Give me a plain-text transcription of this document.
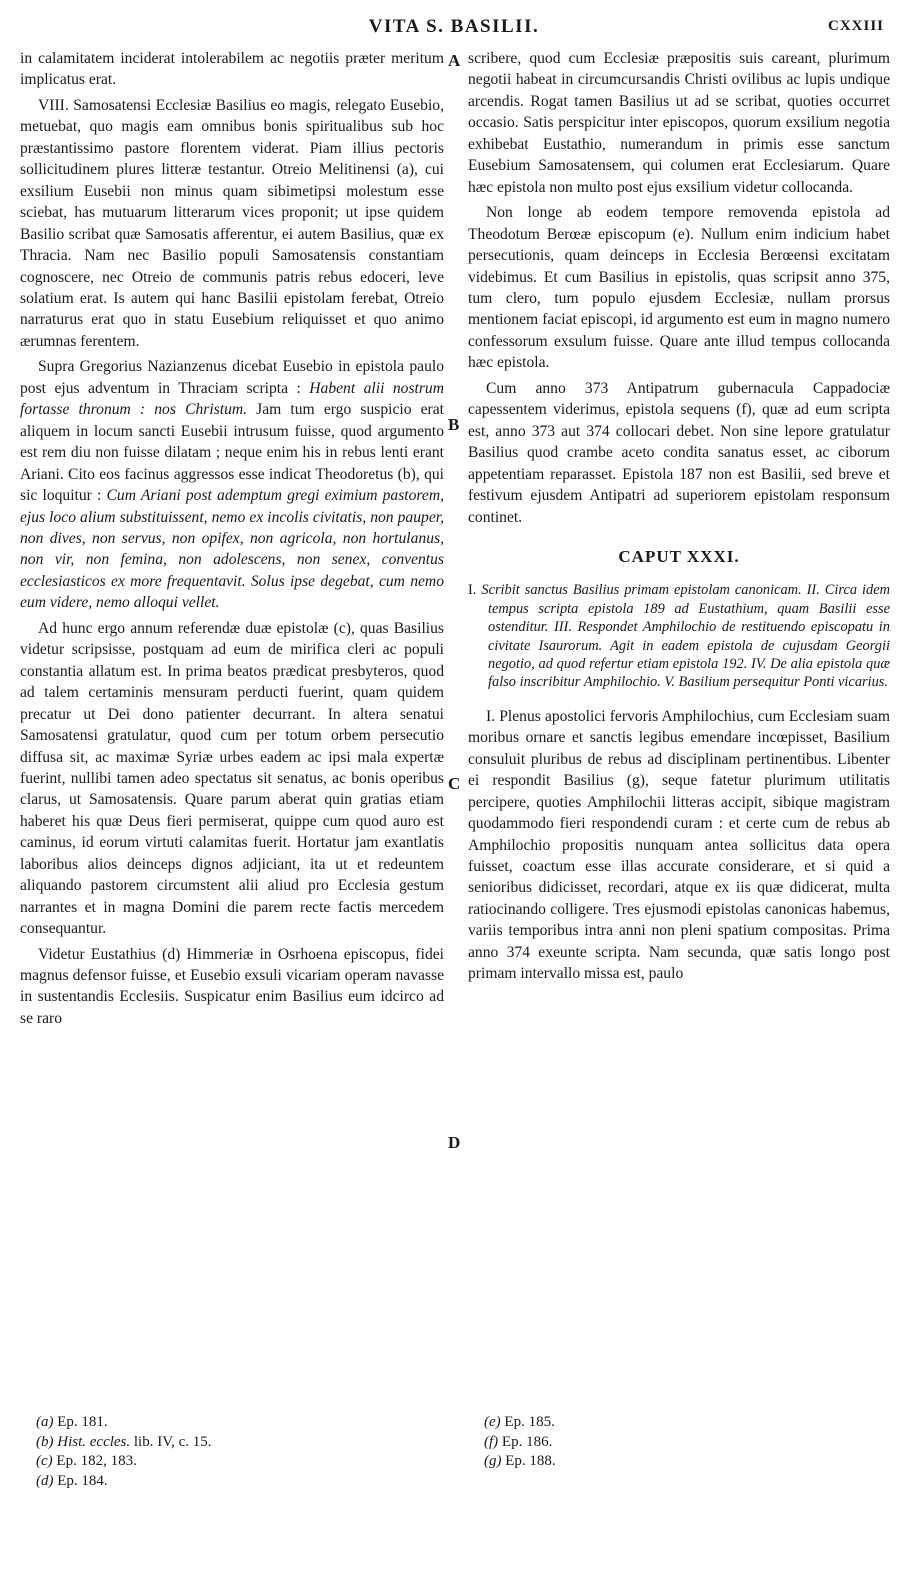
VITA S. BASILII.	CXXIII

in calamitatem inciderat intolerabilem ac negotiis præter meritum implicatus erat.

VIII. Samosatensi Ecclesiæ Basilius eo magis, relegato Eusebio, metuebat, quo magis eam omnibus bonis spiritualibus sub hoc præstantissimo pastore florentem viderat. Piam illius pectoris sollicitudinem plures litteræ testantur. Otreio Melitinensi (a), cui exsilium Eusebii non minus quam sibimetipsi molestum esse sciebat, has mutuarum litterarum vices proponit; ut ipse quidem Basilio scribat quæ Samosatis afferentur, ei autem Basilius, quæ ex Thracia. Nam nec Basilio populi Samosatensis constantiam cognoscere, nec Otreio de communis patris rebus edoceri, leve solatium erat. Is autem qui hanc Basilii epistolam ferebat, Otreio narraturus erat quo in statu Eusebium reliquisset et quo animo ærumnas ferentem.

Supra Gregorius Nazianzenus dicebat Eusebio in epistola paulo post ejus adventum in Thraciam scripta : Habent alii nostrum fortasse thronum : nos Christum. Jam tum ergo suspicio erat aliquem in locum sancti Eusebii intrusum fuisse, quod argumento est rem diu non fuisse dilatam ; neque enim his in rebus lenti erant Ariani. Cito eos facinus aggressos esse indicat Theodoretus (b), qui sic loquitur : Cum Ariani post ademptum gregi eximium pastorem, ejus loco alium substituissent, nemo ex incolis civitatis, non pauper, non dives, non servus, non opifex, non agricola, non hortulanus, non vir, non femina, non adolescens, non senex, conventus ecclesiasticos ex more frequentavit. Solus ipse degebat, cum nemo eum videre, nemo alloqui vellet.

Ad hunc ergo annum referendæ duæ epistolæ (c), quas Basilius videtur scripsisse, postquam ad eum de mirifica cleri ac populi constantia allatum est. In prima beatos prædicat presbyteros, quod ad talem certaminis mensuram perducti fuerint, quam quidem precatur ut Dei dono patienter decurrant. In altera senatui Samosatensi gratulatur, quod cum per totum orbem persecutio diffusa sit, ac maximæ Syriæ urbes eadem ac ipsi mala expertæ fuerint, nullibi tamen adeo spectatus sit senatus, ac bonis operibus clarus, ut Samosatensis. Quare parum aberat quin gratias etiam haberet his quæ Deus fieri permiserat, quippe cum quod auro est caminus, id eorum virtuti calamitas fuerit. Hortatur jam exantlatis laboribus alios deinceps dignos adjiciant, ita ut et redeuntem aliquando pastorem circumstent alii aliud pro Ecclesia gestum narrantes et in magna Domini die parem recte factis mercedem consequantur.

Videtur Eustathius (d) Himmeriæ in Osrhoena episcopus, fidei magnus defensor fuisse, et Eusebio exsuli vicariam operam navasse in sustentandis Ecclesiis. Suspicatur enim Basilius eum idcirco ad se raro

A
B
C
D

scribere, quod cum Ecclesiæ præpositis suis careant, plurimum negotii habeat in circumcursandis Christi ovilibus ac lupis undique arcendis. Rogat tamen Basilius ut ad se scribat, quoties occurret occasio. Satis perspicitur inter episcopos, quorum exsilium negotia exhibebat Eustathio, numerandum in primis esse sanctum Eusebium Samosatensem, qui columen erat Ecclesiarum. Quare hæc epistola non multo post ejus exsilium videtur collocanda.

Non longe ab eodem tempore removenda epistola ad Theodotum Berœæ episcopum (e). Nullum enim indicium habet persecutionis, quam deinceps in Ecclesia Berœensi excitatam videbimus. Et cum Basilius in epistolis, quas scripsit anno 375, tum clero, tum populo ejusdem Ecclesiæ, nullam prorsus mentionem faciat episcopi, id argumento est eum in magno numero confessorum exsulum fuisse. Quare ante illud tempus collocanda hæc epistola.

Cum anno 373 Antipatrum gubernacula Cappadociæ capessentem viderimus, epistola sequens (f), quæ ad eum scripta est, anno 373 aut 374 collocari debet. Non sine lepore gratulatur Basilius quod crambe aceto condita sanatus esset, ac ciborum appetentiam reparasset. Epistola 187 non est Basilii, sed breve et festivum ejusdem Antipatri ad superiorem epistolam responsum continet.

CAPUT XXXI.
I. Scribit sanctus Basilius primam epistolam canonicam. II. Circa idem tempus scripta epistola 189 ad Eustathium, quam Basilii esse ostenditur. III. Respondet Amphilochio de restituendo episcopatu in civitate Isaurorum. Agit in eadem epistola de cujusdam Georgii negotio, ad quod refertur etiam epistola 192. IV. De alia epistola quæ falso inscribitur Amphilochio. V. Basilium persequitur Ponti vicarius.

I. Plenus apostolici fervoris Amphilochius, cum Ecclesiam suam moribus ornare et sanctis legibus emendare incœpisset, Basilium consuluit pluribus de rebus ad disciplinam pertinentibus. Libenter ei respondit Basilius (g), seque fatetur plurimum utilitatis percipere, quoties Amphilochii litteras accipit, sibique magistram quodammodo fieri respondendi curam : et certe cum de rebus ab Amphilochio propositis nunquam antea sollicitus data opera fuisset, coactum esse illas accurate considerare, et si quid a senioribus didicisset, recordari, atque ex iis quæ didicerat, multa ratiocinando colligere. Tres ejusmodi epistolas canonicas habemus, variis temporibus intra anni non pleni spatium compositas. Prima anno 374 exeunte scripta. Nam secunda, quæ satis longo post primam intervallo missa est, paulo

(a) Ep. 181.
(b) Hist. eccles. lib. IV, c. 15.
(c) Ep. 182, 183.
(d) Ep. 184.
(e) Ep. 185.
(f) Ep. 186.
(g) Ep. 188.
